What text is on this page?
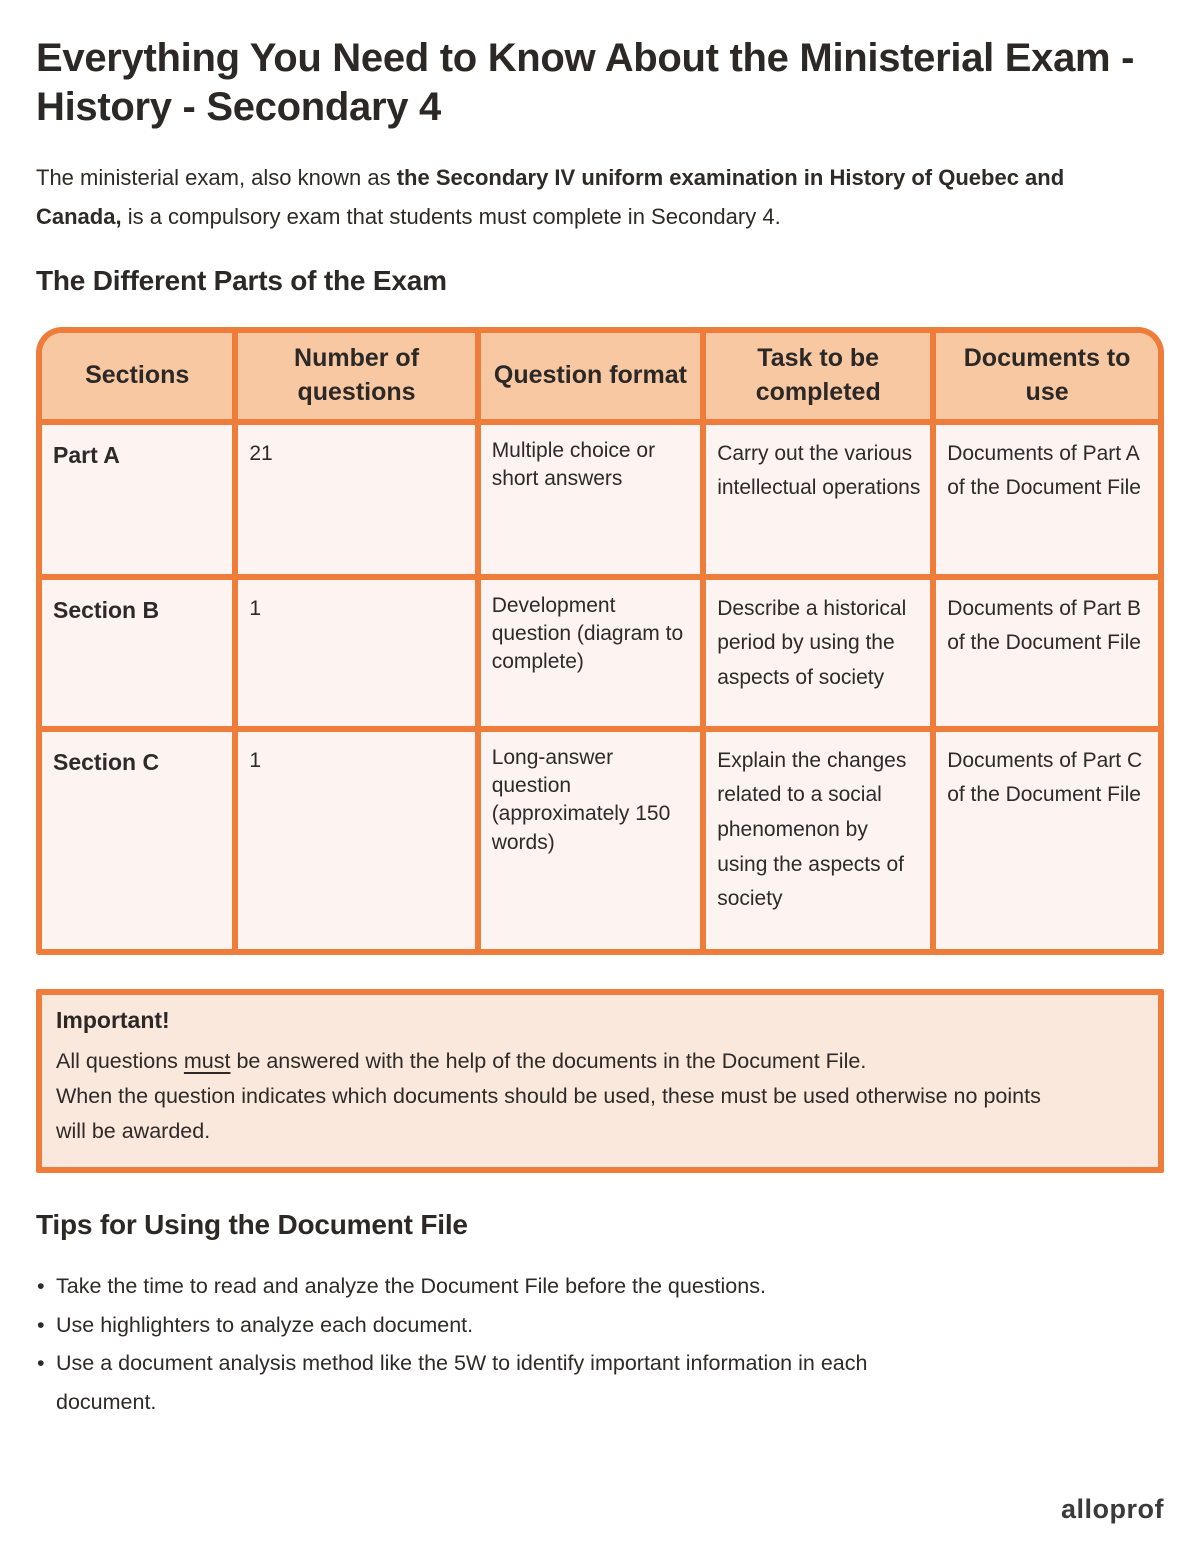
Everything You Need to Know About the Ministerial Exam - History - Secondary 4

The ministerial exam, also known as the Secondary IV uniform examination in History of Quebec and Canada, is a compulsory exam that students must complete in Secondary 4.

The Different Parts of the Exam
Sections	Number of questions	Question format	Task to be completed	Documents to use
Part A	21	Multiple choice or short answers	Carry out the various intellectual operations	Documents of Part A of the Document File
Section B	1	Development question (diagram to complete)	Describe a historical period by using the aspects of society	Documents of Part B of the Document File
Section C	1	Long-answer question (approximately 150 words)	Explain the changes related to a social phenomenon by using the aspects of society	Documents of Part C of the Document File
Important!

All questions must be answered with the help of the documents in the Document File.

When the question indicates which documents should be used, these must be used otherwise no points will be awarded.

Tips for Using the Document File
• Take the time to read and analyze the Document File before the questions.
• Use highlighters to analyze each document.
• Use a document analysis method like the 5W to identify important information in each document.
alloprof
